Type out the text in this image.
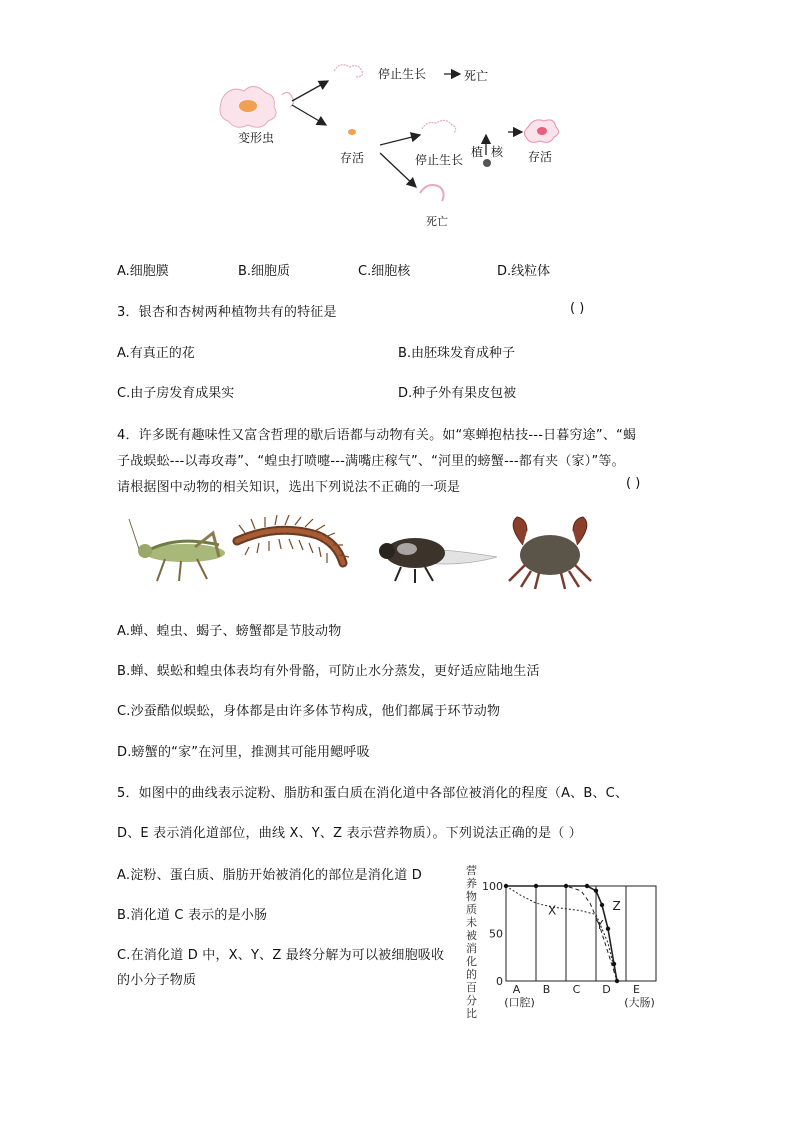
变形虫
停止生长	死亡
存活	停止生长
植 核 存活
死亡
A.细胞膜	B.细胞质	C.细胞核	D.线粒体
3．银杏和杏树两种植物共有的特征是	( )
A.有真正的花	B.由胚珠发育成种子
C.由子房发育成果实	D.种子外有果皮包被
4．许多既有趣味性又富含哲理的歇后语都与动物有关。如“寒蝉抱枯技---日暮穷途”、“蝎
子战蜈蚣---以毒攻毒”、“蝗虫打喷嚏---满嘴庄稼气”、“河里的螃蟹---都有夹（家）”等。
请根据图中动物的相关知识，选出下列说法不正确的一项是	( )
A.蝉、蝗虫、蝎子、螃蟹都是节肢动物
B.蝉、蜈蚣和蝗虫体表均有外骨骼，可防止水分蒸发，更好适应陆地生活
C.沙蚕酷似蜈蚣，身体都是由许多体节构成，他们都属于环节动物
D.螃蟹的“家”在河里，推测其可能用鳃呼吸
5．如图中的曲线表示淀粉、脂肪和蛋白质在消化道中各部位被消化的程度（A、B、C、
D、E 表示消化道部位，曲线 X、Y、Z 表示营养物质）。下列说法正确的是（ ）
A.淀粉、蛋白质、脂肪开始被消化的部位是消化道 D
B.消化道 C 表示的是小肠
C.在消化道 D 中，X、Y、Z 最终分解为可以被细胞吸收
的小分子物质
营
养
物
质
未
被
消
化
的
百
分
比
100
50
0
A
(口腔)
B C D E
(大肠)
X
Y
Z
